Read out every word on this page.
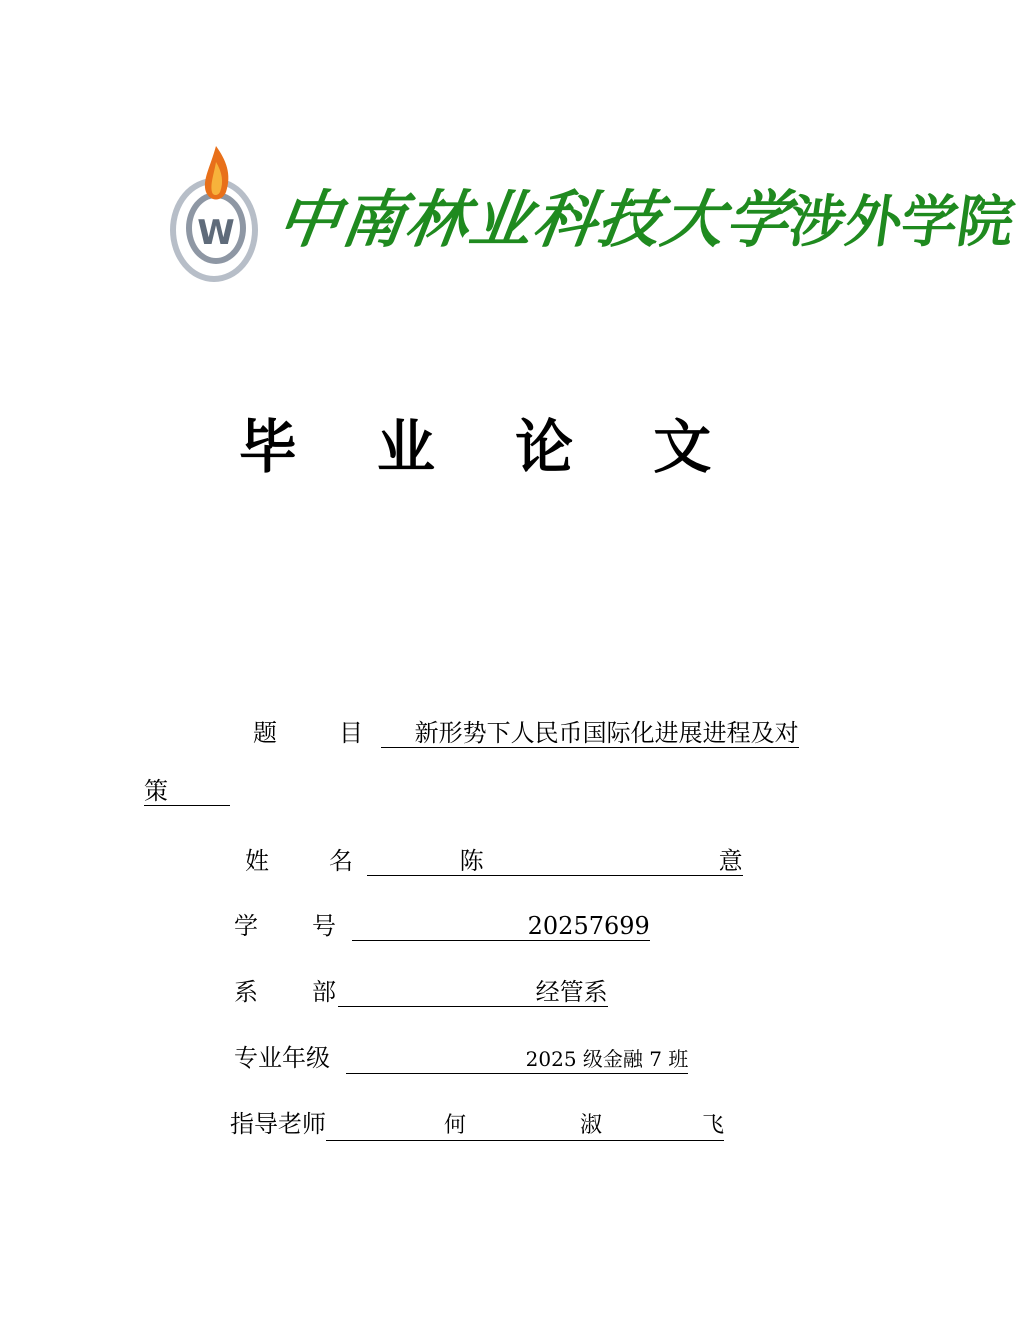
W 中南林业科技大学涉外学院
毕 业 论 文
题	目 新形势下人民币国际化进展进程及对
策
姓	名	陈	意

学 号	20257699
系 部	经管系
专业年级	2025 级金融 7 班
指导老师	何	淑	飞
